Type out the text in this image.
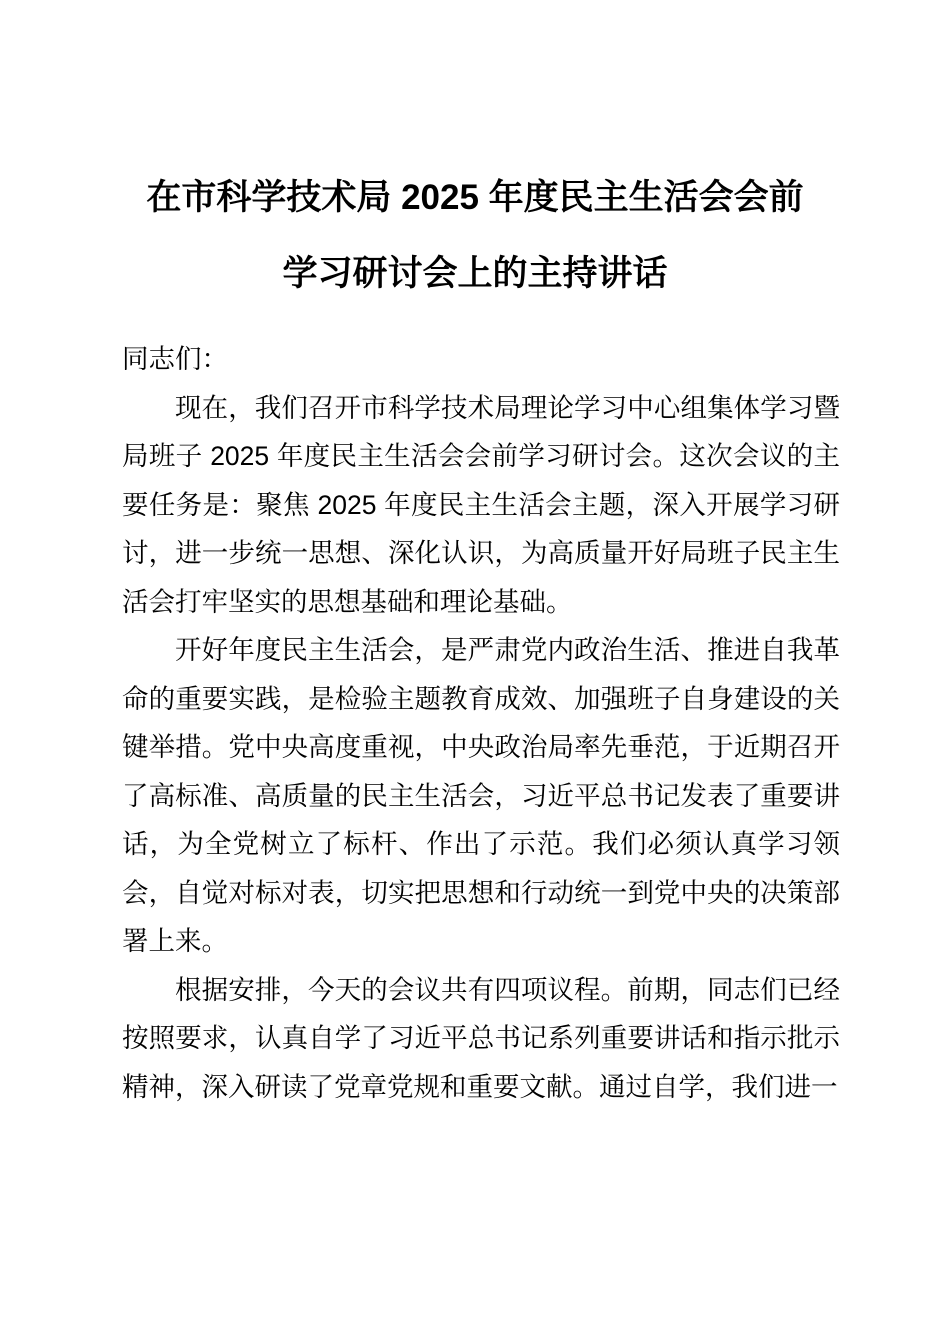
在市科学技术局 2025 年度民主生活会会前
学习研讨会上的主持讲话

同志们：

现在，我们召开市科学技术局理论学习中心组集体学习暨局班子 2025 年度民主生活会会前学习研讨会。这次会议的主要任务是：聚焦 2025 年度民主生活会主题，深入开展学习研讨，进一步统一思想、深化认识，为高质量开好局班子民主生活会打牢坚实的思想基础和理论基础。

开好年度民主生活会，是严肃党内政治生活、推进自我革命的重要实践，是检验主题教育成效、加强班子自身建设的关键举措。党中央高度重视，中央政治局率先垂范，于近期召开了高标准、高质量的民主生活会，习近平总书记发表了重要讲话，为全党树立了标杆、作出了示范。我们必须认真学习领会，自觉对标对表，切实把思想和行动统一到党中央的决策部署上来。

根据安排，今天的会议共有四项议程。前期，同志们已经按照要求，认真自学了习近平总书记系列重要讲话和指示批示精神，深入研读了党章党规和重要文献。通过自学，我们进一
